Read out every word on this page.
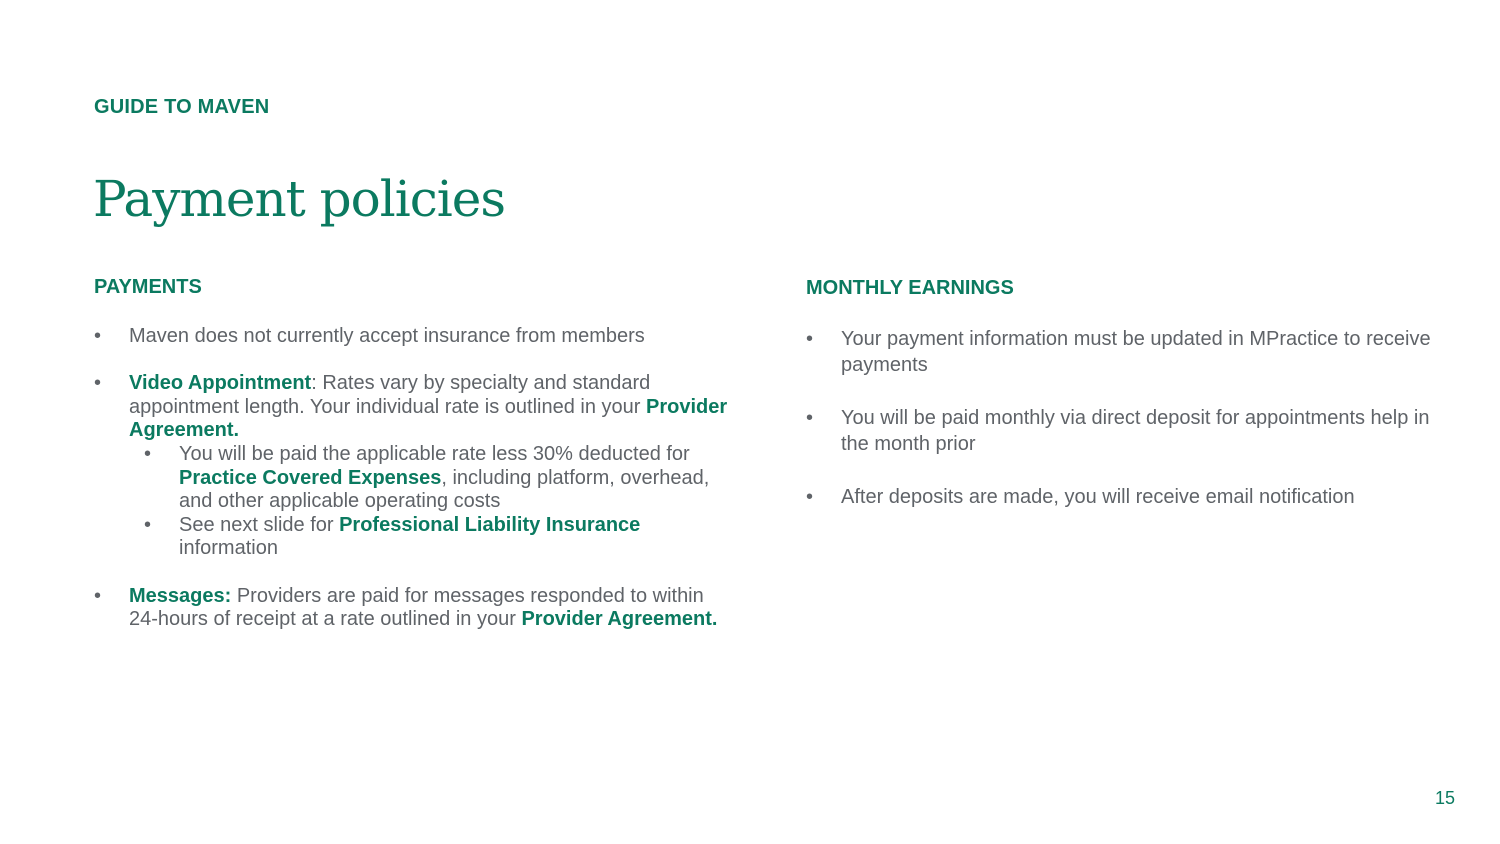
GUIDE TO MAVEN
Payment policies
PAYMENTS
• Maven does not currently accept insurance from members
• Video Appointment: Rates vary by specialty and standard appointment length. Your individual rate is outlined in your Provider Agreement.
• You will be paid the applicable rate less 30% deducted for Practice Covered Expenses, including platform, overhead, and other applicable operating costs
• See next slide for Professional Liability Insurance information
• Messages: Providers are paid for messages responded to within 24-hours of receipt at a rate outlined in your Provider Agreement.
MONTHLY EARNINGS
• Your payment information must be updated in MPractice to receive payments
• You will be paid monthly via direct deposit for appointments help in the month prior
• After deposits are made, you will receive email notification
15
